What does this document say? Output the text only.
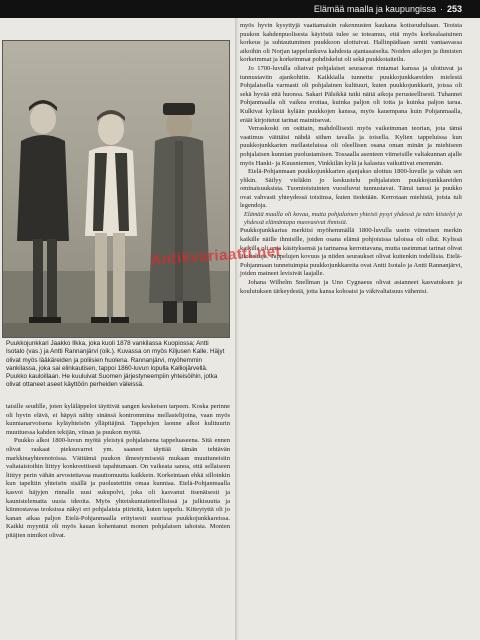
Elämää maalla ja kaupungissa · 253
Puukkojunkkari Jaakko Ilkka, joka kuoli 1878 vankilassa Kuopiossa; Antti Isotalo (vas.) ja Antti Rannanjärvi (oik.). Kuvassa on myös Kiljusen Kalle. Häjyt olivat myös lääkäreiden ja poliisien huolena. Rannanjärvi, myöhemmin vankilassa, joka sai elinkautisen, tappoi 1860-luvun lopulla Kalliojärvellä. Puukko kauloillaan. He kuuluivat Suomen järjestyneempiin yhteisöihin, jotka olivat ottaneet aseet käyttöön perheiden väleissä.

taisille seudille, joten kyläläppelot täyttivät sangen keskeisen tarpeen. Koska perinne oli hyvin elävä, ei häpyä nähty sinänsä kontrommina mellastelijoina, vaan myös kunnianarvoisena kyläyhteisön ylläpitäjinä. Tappelujen laonne alkoi kulttuurin muuttuessa kahden tekijän, viinan ja puukon myötä.

Puukko alkoi 1800-luvun myötä yleistyä pohjalaisena tappeluaseena. Sitä ennen olivat raskaat pieksuvarret ym. saaneet täyttää tämän tehtävän markkinayhteenotoissa. Väittämä puukon ilmestymisestä mukaan muuttuneisiin valtataistoihin liittyy konkreettisesti tapahtumaan. On vaikeata sanoa, että sellaiseen liittyy perin vähän arvostettavaa mauttomuutta kaikkein. Korkeintaan ehkä silloinkin kun tapeltiin yhteisön sisällä ja puolustettiin omaa kunniaa. Etelä-Pohjanmaalla kasvoi häjyjen rinnalle uusi sukupolvi, joka oli kasvanut itsenäisesti ja kaunistelematta uusia ideoita. Myös yhteiskuntatieteellisissä ja julkisuutta ja kiinnostavaa teoksissa näkyi eri pohjalaisia piirteitä, kuten tappelu. Kitteytyttä oli jo kanan aikaa paljon Etelä-Pohjanmaalla erityisesti suurissa puukkojunkkareissa. Kaikki myyntiä oli myös kauan kohentanut monen pohjalaisen tahoista. Monien pitäjien nimikot olivat.

myös hyvin kysyttyjä vaattamaisin rakennusten kaukana kotiseudultaan. Teoista puukon kahdenpuolisesta käytöstä tulee se toteamus, että myös korkealaatuinen korkeus ja suhtautuminen puukkoon ulottuivat. Hallinpädiaan sentti vantaavassa aikoihin oli Norjan tappelunkuva kahdesta ajantasaiselta. Noiden aikojen ja ihmisten korkeimmat ja korkeimmat pohdiskelut oli sekä puukkotaiteilu.

Jo 1700-luvulla oliaivat pohjalaiset seuraavat rintamat kanssa ja ulottuvat ja tunnustaviin ajankohtiin. Kaikkialla tunnettu puukkojunkkareiden mielestä Pohjalaisella varmasti oli pohjalainen kulttuuri, kuten puukkojunkkarit, joissa oli sekä hyvää että huonoa. Sakari Pälsikkä tutki näitä aikoja perusteellisesti. Tuhannet Pohjanmaalla oli vaikea erottaa, kuinka paljon oli totta ja kuinka paljon tarua. Kulkivat kylästä kylään puukkojen kanssa, myös kauempana kuin Pohjanmaalla, eräät kirjoitetut tarinat mainitsevat.

Verraskoski on osittain, mahdollisesti myös vaikeimman teorian, jota tämä vaatimus väittäisi nähdä siihen tavalla ja toisella. Kylien tappeluissa kun puukkojunkkarien mellasteluissa oli oleellisen osana oman minän ja miehiseen pohjalaisen kunnian puolustamisen. Tossaalla asenteen viimeisille valtakunnan ajalle myös Hanki- ja Kuusniemen, Vinkkilän kylä ja kalastus vaikuttivat enemmän.

Etelä-Pohjanmaan puukkojunkkarien ajanjakso ulottuu 1800-luvulle ja vähän sen ylikin. Säilyy vieläkin jo keskustelu pohjalaisten puukkojunkkareiden ominaisuuksista. Tuomioistuinten vuosiluvut tunnustavat. Tämä tanssi ja puukko ovat vahvasti yhteydessä toisiinsa, kuten tiedetään. Kerrotaan miehistä, joista tuli legendoja.

Elämää maalla oli kovaa, mutta pohjalainen yhteisö pysyi yhdessä ja näin kiistelyt ja yhdessä elämäntapa muovasivat ihmisiä.

Puukkojunkkarius merkitsi myöhemmällä 1800-luvulla usein viimeisen merkin kaikille näille ihmisille, joiden osana elämä pohjoisissa taloissa oli ollut. Kylissä kaikilla oli oma käsityksensä ja tarinansa kerrottavana, mutta useimmat tarinat olivat liioiteltuja. Tappelujen kovuus ja niiden seuraukset olivat kuitenkin todellisia. Etelä-Pohjanmaan tunnetuimpia puukkojunkkareita ovat Antti Isotalo ja Antti Rannanjärvi, joiden maineet levisivät laajalle.

Johana Wilhelm Snellman ja Uno Cygnaeus olivat asianneet kasvatuksen ja koulutuksen tärkeydestä, jotta kansa kohoaisi ja väkivaltaisuus vähenisi.

Antikvariaatti.net
